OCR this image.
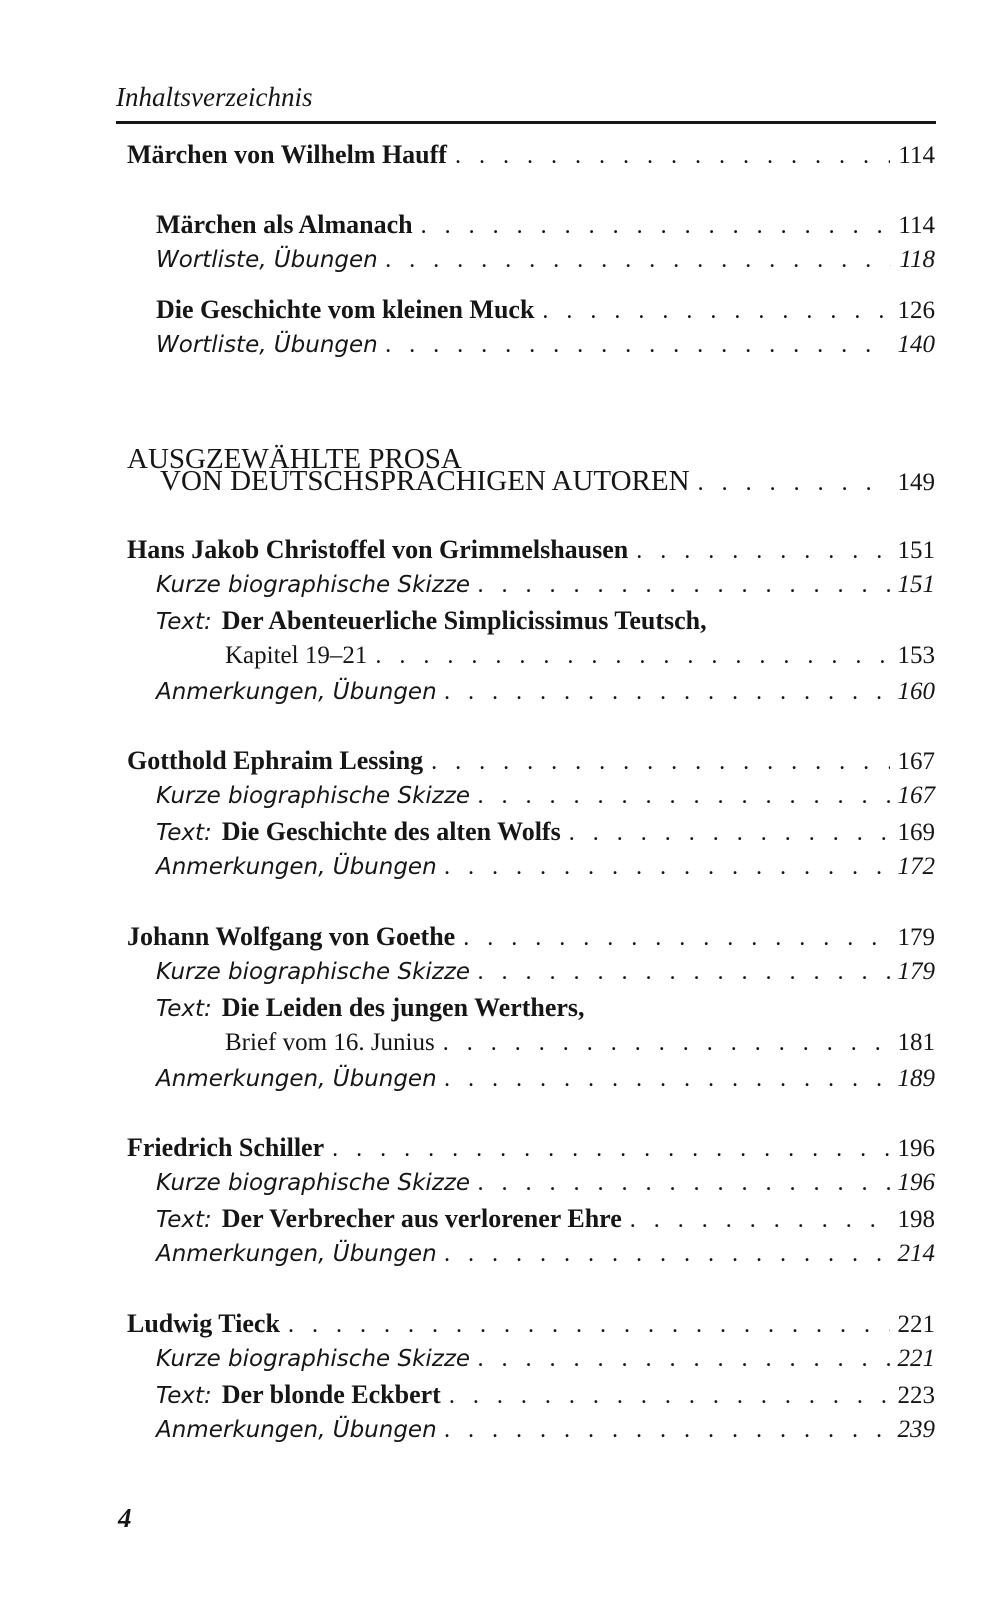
Inhaltsverzeichnis
Märchen von Wilhelm Hauff . . .	114
Märchen als Almanach . . .	114
Wortliste, Übungen . . .	118
Die Geschichte vom kleinen Muck . . .	126
Wortliste, Übungen . . .	140
AUSGZEWÄHLTE PROSA
VON DEUTSCHSPRACHIGEN AUTOREN . . .	149
Hans Jakob Christoffel von Grimmelshausen . . .	151
Kurze biographische Skizze . . .	151
Text: Der Abenteuerliche Simplicissimus Teutsch,
Kapitel 19–21 . . .	153
Anmerkungen, Übungen . . .	160
Gotthold Ephraim Lessing . . .	167
Kurze biographische Skizze . . .	167
Text: Die Geschichte des alten Wolfs . . .	169
Anmerkungen, Übungen . . .	172
Johann Wolfgang von Goethe . . .	179
Kurze biographische Skizze . . .	179
Text: Die Leiden des jungen Werthers,
Brief vom 16. Junius . . .	181
Anmerkungen, Übungen . . .	189
Friedrich Schiller . . .	196
Kurze biographische Skizze . . .	196
Text: Der Verbrecher aus verlorener Ehre . . .	198
Anmerkungen, Übungen . . .	214
Ludwig Tieck . . .	221
Kurze biographische Skizze . . .	221
Text: Der blonde Eckbert . . .	223
Anmerkungen, Übungen . . .	239
4
